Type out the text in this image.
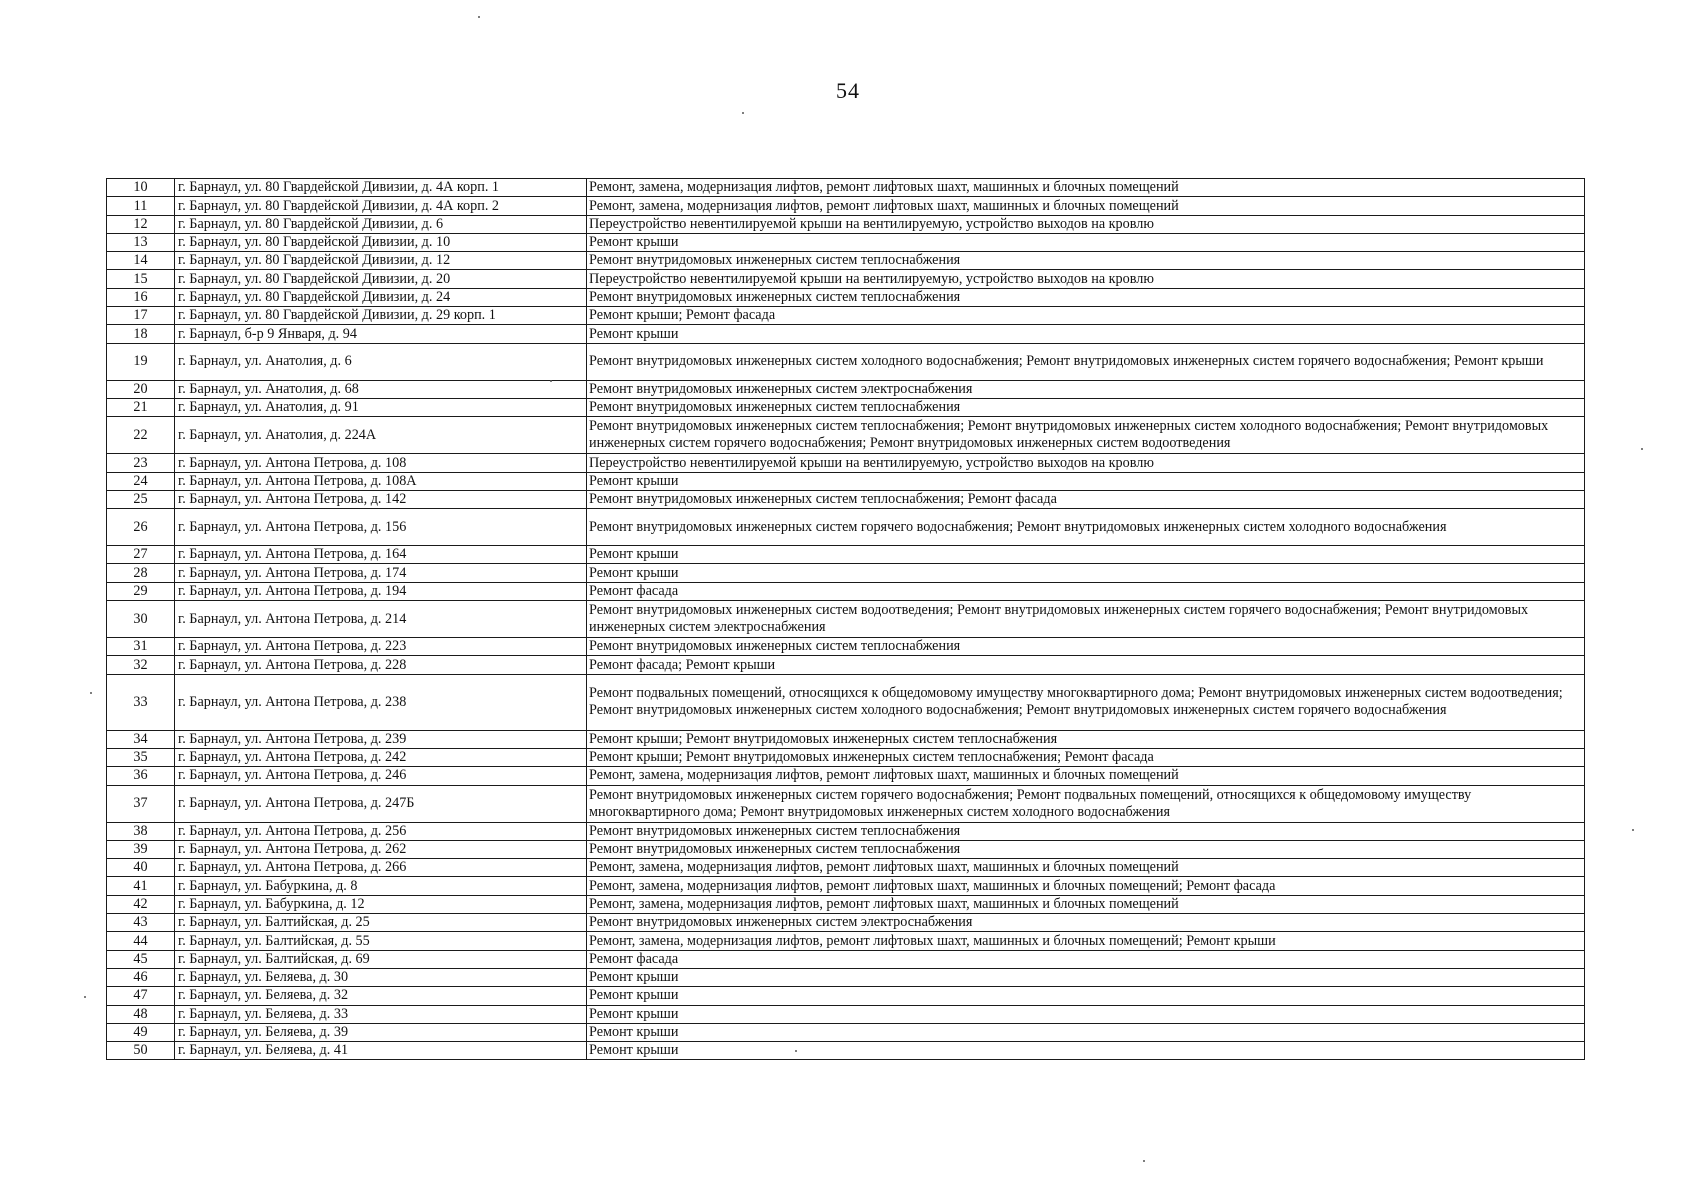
54
10	г. Барнаул, ул. 80 Гвардейской Дивизии, д. 4А корп. 1	Ремонт, замена, модернизация лифтов, ремонт лифтовых шахт, машинных и блочных помещений
11	г. Барнаул, ул. 80 Гвардейской Дивизии, д. 4А корп. 2	Ремонт, замена, модернизация лифтов, ремонт лифтовых шахт, машинных и блочных помещений
12	г. Барнаул, ул. 80 Гвардейской Дивизии, д. 6	Переустройство невентилируемой крыши на вентилируемую, устройство выходов на кровлю
13	г. Барнаул, ул. 80 Гвардейской Дивизии, д. 10	Ремонт крыши
14	г. Барнаул, ул. 80 Гвардейской Дивизии, д. 12	Ремонт внутридомовых инженерных систем теплоснабжения
15	г. Барнаул, ул. 80 Гвардейской Дивизии, д. 20	Переустройство невентилируемой крыши на вентилируемую, устройство выходов на кровлю
16	г. Барнаул, ул. 80 Гвардейской Дивизии, д. 24	Ремонт внутридомовых инженерных систем теплоснабжения
17	г. Барнаул, ул. 80 Гвардейской Дивизии, д. 29 корп. 1	Ремонт крыши; Ремонт фасада
18	г. Барнаул, б-р 9 Января, д. 94	Ремонт крыши
19	г. Барнаул, ул. Анатолия, д. 6	Ремонт внутридомовых инженерных систем холодного водоснабжения; Ремонт внутридомовых инженерных систем горячего водоснабжения; Ремонт крыши
20	г. Барнаул, ул. Анатолия, д. 68	Ремонт внутридомовых инженерных систем электроснабжения
21	г. Барнаул, ул. Анатолия, д. 91	Ремонт внутридомовых инженерных систем теплоснабжения
22	г. Барнаул, ул. Анатолия, д. 224А	Ремонт внутридомовых инженерных систем теплоснабжения; Ремонт внутридомовых инженерных систем холодного водоснабжения; Ремонт внутридомовых инженерных систем горячего водоснабжения; Ремонт внутридомовых инженерных систем водоотведения
23	г. Барнаул, ул. Антона Петрова, д. 108	Переустройство невентилируемой крыши на вентилируемую, устройство выходов на кровлю
24	г. Барнаул, ул. Антона Петрова, д. 108А	Ремонт крыши
25	г. Барнаул, ул. Антона Петрова, д. 142	Ремонт внутридомовых инженерных систем теплоснабжения; Ремонт фасада
26	г. Барнаул, ул. Антона Петрова, д. 156	Ремонт внутридомовых инженерных систем горячего водоснабжения; Ремонт внутридомовых инженерных систем холодного водоснабжения
27	г. Барнаул, ул. Антона Петрова, д. 164	Ремонт крыши
28	г. Барнаул, ул. Антона Петрова, д. 174	Ремонт крыши
29	г. Барнаул, ул. Антона Петрова, д. 194	Ремонт фасада
30	г. Барнаул, ул. Антона Петрова, д. 214	Ремонт внутридомовых инженерных систем водоотведения; Ремонт внутридомовых инженерных систем горячего водоснабжения; Ремонт внутридомовых инженерных систем электроснабжения
31	г. Барнаул, ул. Антона Петрова, д. 223	Ремонт внутридомовых инженерных систем теплоснабжения
32	г. Барнаул, ул. Антона Петрова, д. 228	Ремонт фасада; Ремонт крыши
33	г. Барнаул, ул. Антона Петрова, д. 238	Ремонт подвальных помещений, относящихся к общедомовому имуществу многоквартирного дома; Ремонт внутридомовых инженерных систем водоотведения; Ремонт внутридомовых инженерных систем холодного водоснабжения; Ремонт внутридомовых инженерных систем горячего водоснабжения
34	г. Барнаул, ул. Антона Петрова, д. 239	Ремонт крыши; Ремонт внутридомовых инженерных систем теплоснабжения
35	г. Барнаул, ул. Антона Петрова, д. 242	Ремонт крыши; Ремонт внутридомовых инженерных систем теплоснабжения; Ремонт фасада
36	г. Барнаул, ул. Антона Петрова, д. 246	Ремонт, замена, модернизация лифтов, ремонт лифтовых шахт, машинных и блочных помещений
37	г. Барнаул, ул. Антона Петрова, д. 247Б	Ремонт внутридомовых инженерных систем горячего водоснабжения; Ремонт подвальных помещений, относящихся к общедомовому имуществу многоквартирного дома; Ремонт внутридомовых инженерных систем холодного водоснабжения
38	г. Барнаул, ул. Антона Петрова, д. 256	Ремонт внутридомовых инженерных систем теплоснабжения
39	г. Барнаул, ул. Антона Петрова, д. 262	Ремонт внутридомовых инженерных систем теплоснабжения
40	г. Барнаул, ул. Антона Петрова, д. 266	Ремонт, замена, модернизация лифтов, ремонт лифтовых шахт, машинных и блочных помещений
41	г. Барнаул, ул. Бабуркина, д. 8	Ремонт, замена, модернизация лифтов, ремонт лифтовых шахт, машинных и блочных помещений; Ремонт фасада
42	г. Барнаул, ул. Бабуркина, д. 12	Ремонт, замена, модернизация лифтов, ремонт лифтовых шахт, машинных и блочных помещений
43	г. Барнаул, ул. Балтийская, д. 25	Ремонт внутридомовых инженерных систем электроснабжения
44	г. Барнаул, ул. Балтийская, д. 55	Ремонт, замена, модернизация лифтов, ремонт лифтовых шахт, машинных и блочных помещений; Ремонт крыши
45	г. Барнаул, ул. Балтийская, д. 69	Ремонт фасада
46	г. Барнаул, ул. Беляева, д. 30	Ремонт крыши
47	г. Барнаул, ул. Беляева, д. 32	Ремонт крыши
48	г. Барнаул, ул. Беляева, д. 33	Ремонт крыши
49	г. Барнаул, ул. Беляева, д. 39	Ремонт крыши
50	г. Барнаул, ул. Беляева, д. 41	Ремонт крыши
